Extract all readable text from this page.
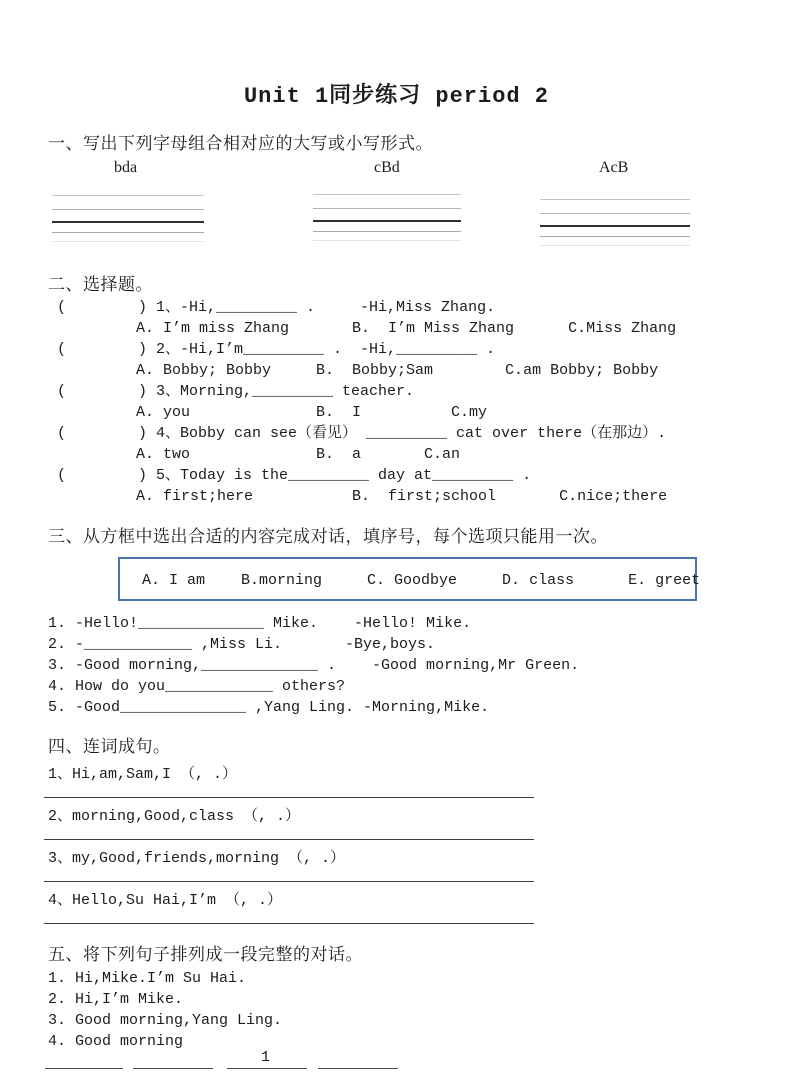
Unit 1同步练习 period 2
一、写出下列字母组合相对应的大写或小写形式。
bda	cBd	AcB
二、选择题。
(        ) 1、-Hi,_________ .     -Hi,Miss Zhang.
A. I’m miss Zhang       B.  I’m Miss Zhang      C.Miss Zhang
(        ) 2、-Hi,I’m_________ .  -Hi,_________ .
A. Bobby; Bobby     B.  Bobby;Sam        C.am Bobby; Bobby
(        ) 3、Morning,_________ teacher.
A. you              B.  I          C.my
(        ) 4、Bobby can see（看见） _________ cat over there（在那边）.
A. two              B.  a       C.an
(        ) 5、Today is the_________ day at_________ .
A. first;here           B.  first;school       C.nice;there
三、从方框中选出合适的内容完成对话，填序号，每个选项只能用一次。
A. I am    B.morning     C. Goodbye     D. class      E. greet
1. -Hello!______________ Mike.    -Hello! Mike.
2. -____________ ,Miss Li.       -Bye,boys.
3. -Good morning,_____________ .    -Good morning,Mr Green.
4. How do you____________ others?
5. -Good______________ ,Yang Ling. -Morning,Mike.
四、连词成句。
1、Hi,am,Sam,I （, .）
2、morning,Good,class （, .）
3、my,Good,friends,morning （, .）
4、Hello,Su Hai,I’m （, .）
五、将下列句子排列成一段完整的对话。
1. Hi,Mike.I’m Su Hai.
2. Hi,I’m Mike.
3. Good morning,Yang Ling.
4. Good morning
1
